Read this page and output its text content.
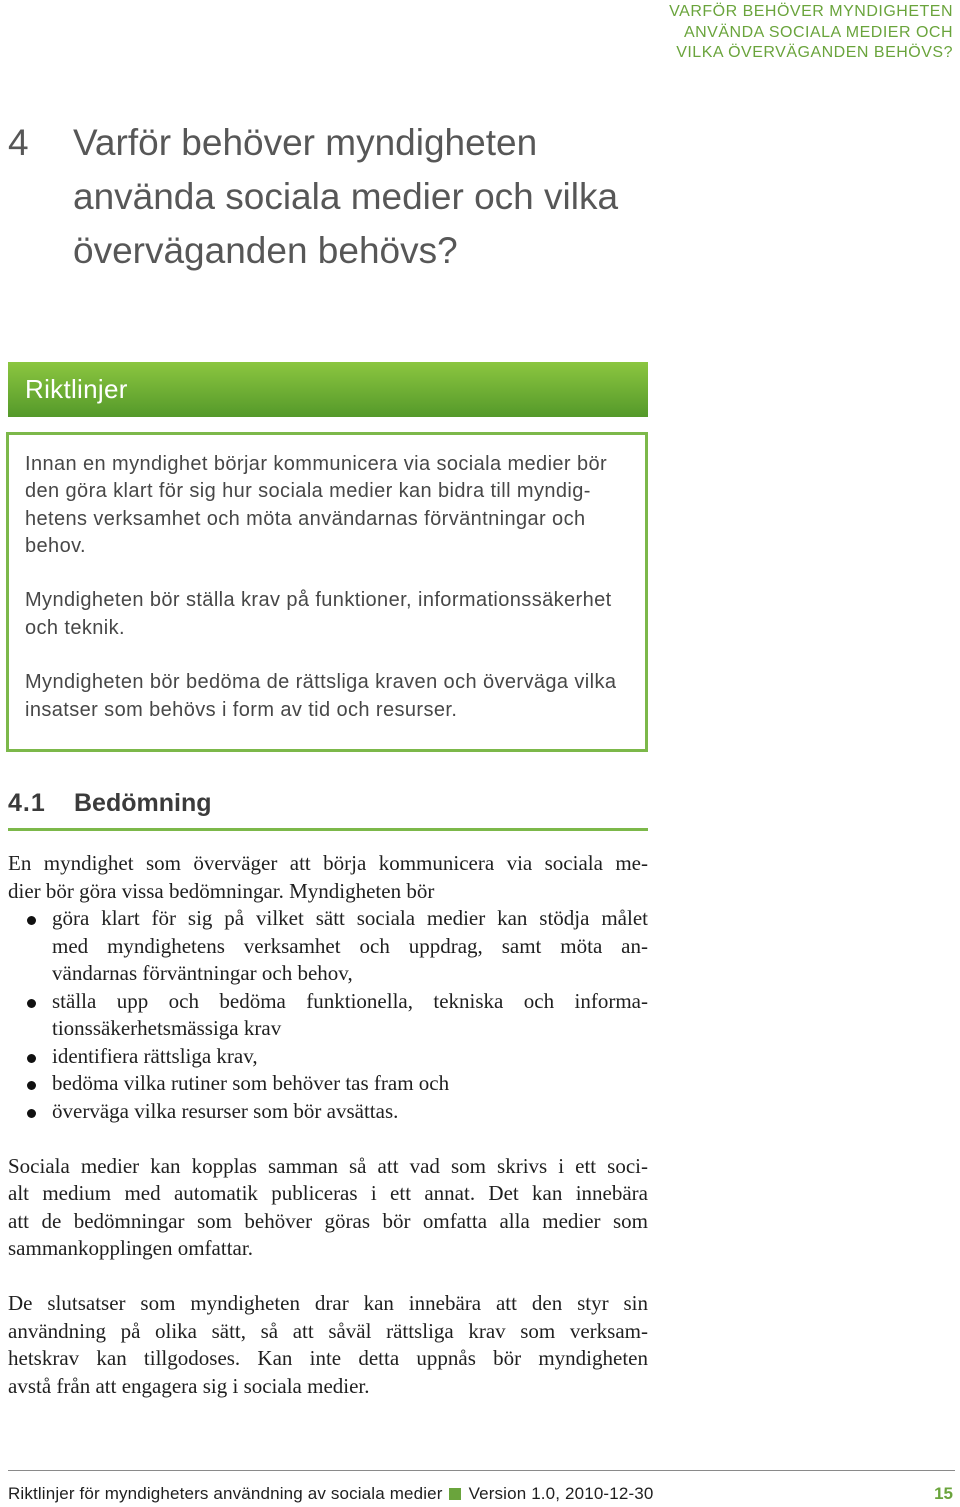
VARFÖR BEHÖVER MYNDIGHETEN
ANVÄNDA SOCIALA MEDIER OCH
VILKA ÖVERVÄGANDEN BEHÖVS?
4 Varför behöver myndigheten
använda sociala medier och vilka
överväganden behövs?
Riktlinjer
Innan en myndighet börjar kommunicera via sociala medier bör
den göra klart för sig hur sociala medier kan bidra till myndig-
hetens verksamhet och möta användarnas förväntningar och
behov.
Myndigheten bör ställa krav på funktioner, informationssäkerhet
och teknik.
Myndigheten bör bedöma de rättsliga kraven och överväga vilka
insatser som behövs i form av tid och resurser.
4.1 Bedömning
En myndighet som överväger att börja kommunicera via sociala me-
dier bör göra vissa bedömningar. Myndigheten bör
göra klart för sig på vilket sätt sociala medier kan stödja målet
med myndighetens verksamhet och uppdrag, samt möta an-
vändarnas förväntningar och behov,
ställa upp och bedöma funktionella, tekniska och informa-
tionssäkerhetsmässiga krav
identifiera rättsliga krav,
bedöma vilka rutiner som behöver tas fram och
överväga vilka resurser som bör avsättas.
Sociala medier kan kopplas samman så att vad som skrivs i ett soci-
alt medium med automatik publiceras i ett annat. Det kan innebära
att de bedömningar som behöver göras bör omfatta alla medier som
sammankopplingen omfattar.
De slutsatser som myndigheten drar kan innebära att den styr sin
användning på olika sätt, så att såväl rättsliga krav som verksam-
hetskrav kan tillgodoses. Kan inte detta uppnås bör myndigheten
avstå från att engagera sig i sociala medier.
Riktlinjer för myndigheters användning av sociala medier Version 1.0, 2010-12-30	15
